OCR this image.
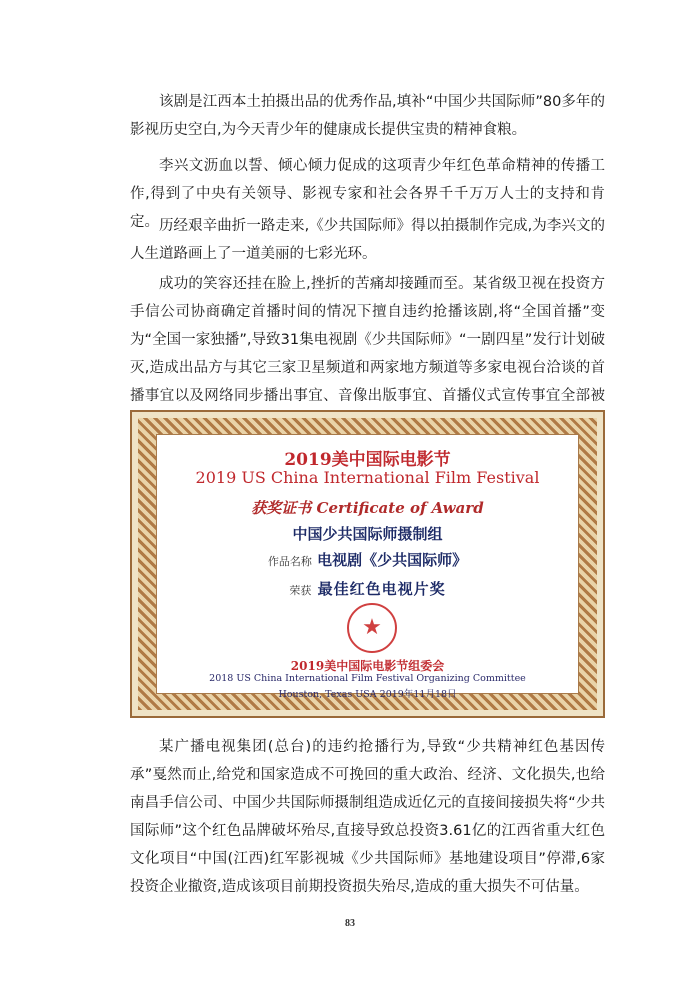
该剧是江西本土拍摄出品的优秀作品,填补“中国少共国际师”80多年的影视历史空白,为今天青少年的健康成长提供宝贵的精神食粮。

李兴文沥血以誓、倾心倾力促成的这项青少年红色革命精神的传播工作,得到了中央有关领导、影视专家和社会各界千千万万人士的支持和肯定。 历经艰辛曲折一路走来,《少共国际师》得以拍摄制作完成,为李兴文的人生道路画上了一道美丽的七彩光环。

成功的笑容还挂在脸上,挫折的苦痛却接踵而至。某省级卫视在投资方手信公司协商确定首播时间的情况下擅自违约抢播该剧,将“全国首播”变为“全国一家独播”,导致31集电视剧《少共国际师》“一剧四星”发行计划破灭,造成出品方与其它三家卫星频道和两家地方频道等多家电视台洽谈的首播事宜以及网络同步播出事宜、音像出版事宜、首播仪式宣传事宜全部被

2019美中国际电影节

2019 US China International Film Festival

获奖证书 Certificate of Award

中国少共国际师摄制组

作品名称 电视剧《少共国际师》

荣获 最佳红色电视片奖

★

2019美中国际电影节组委会

2018 US China International Film Festival Organizing Committee

Houston, Texas USA 2019年11月18日

某广播电视集团(总台)的违约抢播行为,导致“少共精神红色基因传承”戛然而止,给党和国家造成不可挽回的重大政治、经济、文化损失,也给南昌手信公司、中国少共国际师摄制组造成近亿元的直接间接损失将“少共国际师”这个红色品牌破坏殆尽,直接导致总投资3.61亿的江西省重大红色文化项目“中国(江西)红军影视城《少共国际师》基地建设项目”停滞,6家投资企业撤资,造成该项目前期投资损失殆尽,造成的重大损失不可估量。

83
